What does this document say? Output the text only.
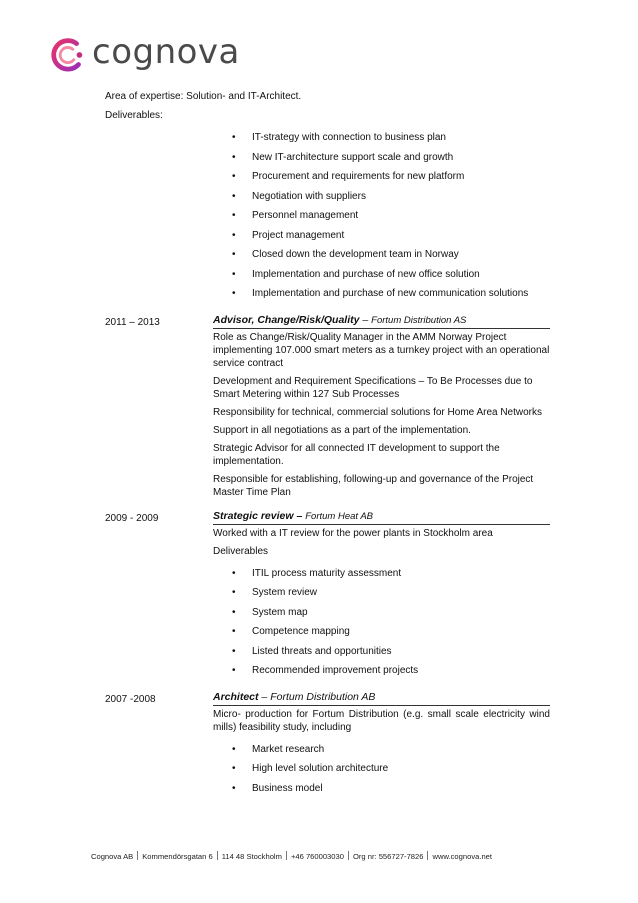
cognova
Area of expertise: Solution- and IT-Architect.
Deliverables:
• IT-strategy with connection to business plan
• New IT-architecture support scale and growth
• Procurement and requirements for new platform
• Negotiation with suppliers
• Personnel management
• Project management
• Closed down the development team in Norway
• Implementation and purchase of new office solution
• Implementation and purchase of new communication solutions
2011 – 2013	Advisor, Change/Risk/Quality – Fortum Distribution AS
Role as Change/Risk/Quality Manager in the AMM Norway Project implementing 107.000 smart meters as a turnkey project with an operational service contract
Development and Requirement Specifications – To Be Processes due to Smart Metering within 127 Sub Processes
Responsibility for technical, commercial solutions for Home Area Networks
Support in all negotiations as a part of the implementation.
Strategic Advisor for all connected IT development to support the implementation.
Responsible for establishing, following-up and governance of the Project Master Time Plan
2009 - 2009	Strategic review – Fortum Heat AB
Worked with a IT review for the power plants in Stockholm area
Deliverables
• ITIL process maturity assessment
• System review
• System map
• Competence mapping
• Listed threats and opportunities
• Recommended improvement projects
2007 -2008	Architect – Fortum Distribution AB
Micro- production for Fortum Distribution (e.g. small scale electricity wind mills) feasibility study, including
• Market research
• High level solution architecture
• Business model
Cognova AB Kommendörsgatan 6 114 48 Stockholm +46 760003030 Org nr: 556727-7826 www.cognova.net
